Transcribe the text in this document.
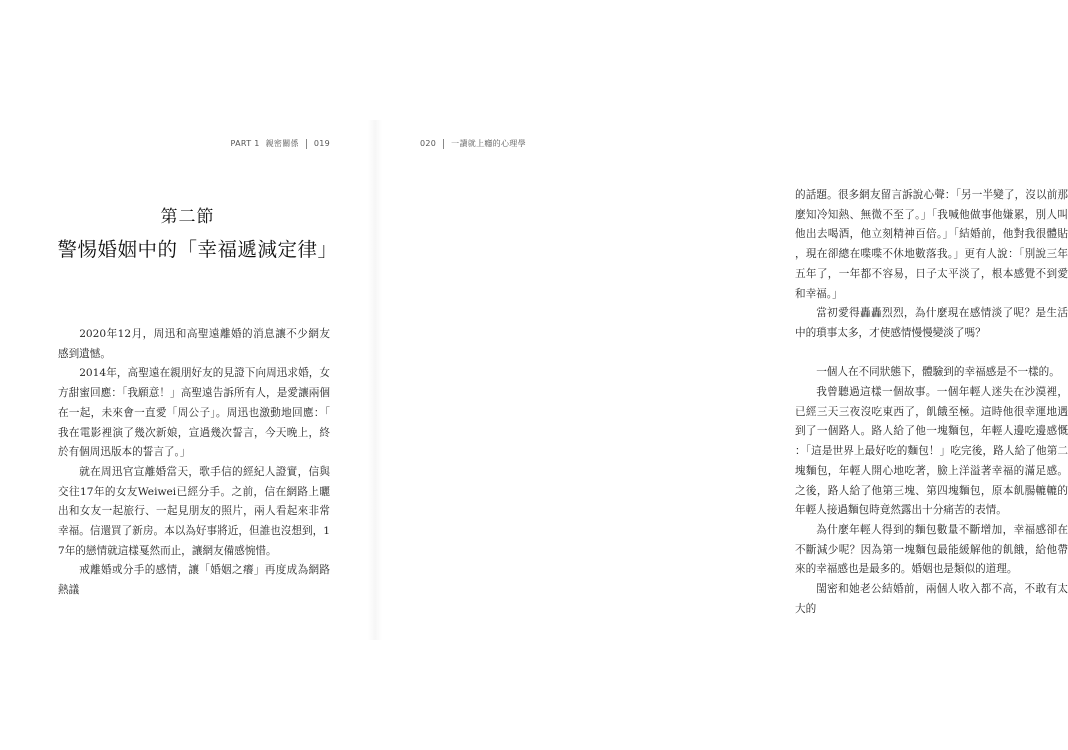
PART 1 親密關係 019
第二節
警惕婚姻中的「幸福遞減定律」

2020年12月，周迅和高聖遠離婚的消息讓不少網友感到遺憾。

2014年，高聖遠在親朋好友的見證下向周迅求婚，女方甜蜜回應：「我願意！」高聖遠告訴所有人，是愛讓兩個在一起，未來會一直愛「周公子」。周迅也激動地回應：「我在電影裡演了幾次新娘，宣過幾次誓言，今天晚上，終於有個周迅版本的誓言了。」

就在周迅官宣離婚當天，歌手信的經紀人證實，信與交往17年的女友Weiwei已經分手。之前，信在網路上曬出和女友一起旅行、一起見朋友的照片，兩人看起來非常幸福。信還買了新房。本以為好事將近，但誰也沒想到，17年的戀情就這樣戛然而止，讓網友備感惋惜。

戒離婚或分手的感情，讓「婚姻之癢」再度成為網路熱議

020 一讀就上癮的心理學

的話題。很多網友留言訴說心聲：「另一半變了，沒以前那麼知冷知熱、無微不至了。」「我喊他做事他嫌累，別人叫他出去喝酒，他立刻精神百倍。」「結婚前，他對我很體貼，現在卻總在喋喋不休地數落我。」更有人說：「別說三年五年了，一年都不容易，日子太平淡了，根本感覺不到愛和幸福。」

當初愛得轟轟烈烈，為什麼現在感情淡了呢？是生活中的瑣事太多，才使感情慢慢變淡了嗎？

一個人在不同狀態下，體驗到的幸福感是不一樣的。

我曾聽過這樣一個故事。一個年輕人迷失在沙漠裡，已經三天三夜沒吃東西了，飢餓至極。這時他很幸運地遇到了一個路人。路人給了他一塊麵包，年輕人邊吃邊感慨：「這是世界上最好吃的麵包！」吃完後，路人給了他第二塊麵包，年輕人開心地吃著，臉上洋溢著幸福的滿足感。之後，路人給了他第三塊、第四塊麵包，原本飢腸轆轆的年輕人接過麵包時竟然露出十分痛苦的表情。

為什麼年輕人得到的麵包數量不斷增加，幸福感卻在不斷減少呢？因為第一塊麵包最能緩解他的飢餓，給他帶來的幸福感也是最多的。婚姻也是類似的道理。

閨密和她老公結婚前，兩個人收入都不高，不敢有太大的
